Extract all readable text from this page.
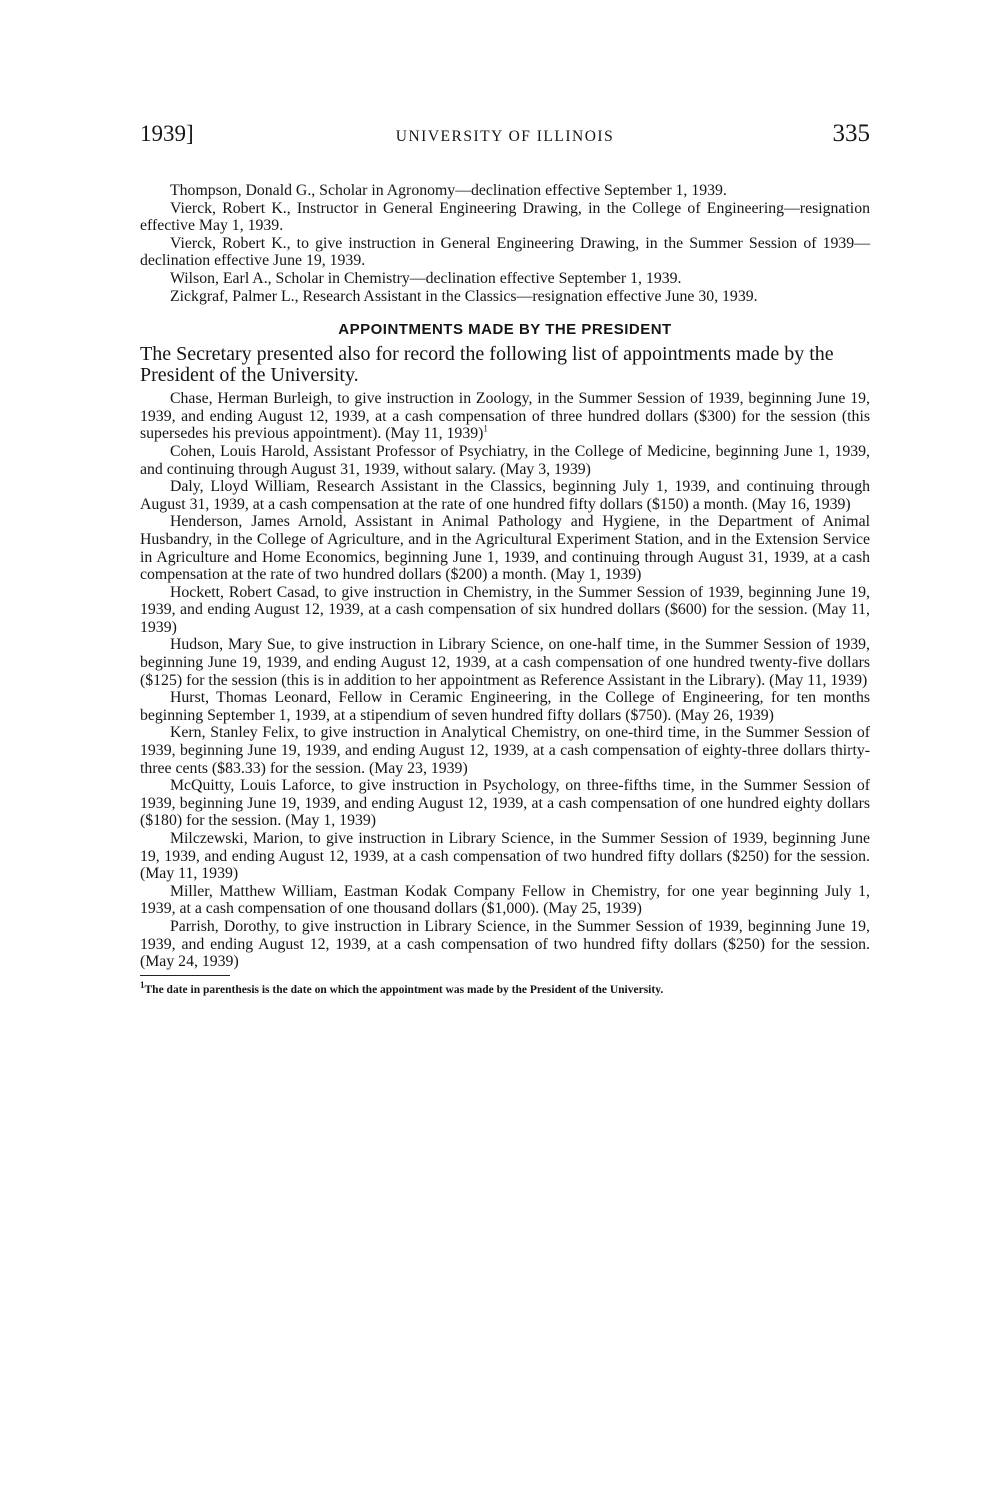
1939]	UNIVERSITY OF ILLINOIS	335

Thompson, Donald G., Scholar in Agronomy—declination effective September 1, 1939.

Vierck, Robert K., Instructor in General Engineering Drawing, in the College of Engineering—resignation effective May 1, 1939.

Vierck, Robert K., to give instruction in General Engineering Drawing, in the Summer Session of 1939—declination effective June 19, 1939.

Wilson, Earl A., Scholar in Chemistry—declination effective September 1, 1939.

Zickgraf, Palmer L., Research Assistant in the Classics—resignation effective June 30, 1939.

APPOINTMENTS MADE BY THE PRESIDENT

The Secretary presented also for record the following list of appointments made by the President of the University.

Chase, Herman Burleigh, to give instruction in Zoology, in the Summer Session of 1939, beginning June 19, 1939, and ending August 12, 1939, at a cash compensation of three hundred dollars ($300) for the session (this supersedes his previous appointment). (May 11, 1939)$^1$

Cohen, Louis Harold, Assistant Professor of Psychiatry, in the College of Medicine, beginning June 1, 1939, and continuing through August 31, 1939, without salary. (May 3, 1939)

Daly, Lloyd William, Research Assistant in the Classics, beginning July 1, 1939, and continuing through August 31, 1939, at a cash compensation at the rate of one hundred fifty dollars ($150) a month. (May 16, 1939)

Henderson, James Arnold, Assistant in Animal Pathology and Hygiene, in the Department of Animal Husbandry, in the College of Agriculture, and in the Agricultural Experiment Station, and in the Extension Service in Agriculture and Home Economics, beginning June 1, 1939, and continuing through August 31, 1939, at a cash compensation at the rate of two hundred dollars ($200) a month. (May 1, 1939)

Hockett, Robert Casad, to give instruction in Chemistry, in the Summer Session of 1939, beginning June 19, 1939, and ending August 12, 1939, at a cash compensation of six hundred dollars ($600) for the session. (May 11, 1939)

Hudson, Mary Sue, to give instruction in Library Science, on one-half time, in the Summer Session of 1939, beginning June 19, 1939, and ending August 12, 1939, at a cash compensation of one hundred twenty-five dollars ($125) for the session (this is in addition to her appointment as Reference Assistant in the Library). (May 11, 1939)

Hurst, Thomas Leonard, Fellow in Ceramic Engineering, in the College of Engineering, for ten months beginning September 1, 1939, at a stipendium of seven hundred fifty dollars ($750). (May 26, 1939)

Kern, Stanley Felix, to give instruction in Analytical Chemistry, on one-third time, in the Summer Session of 1939, beginning June 19, 1939, and ending August 12, 1939, at a cash compensation of eighty-three dollars thirty-three cents ($83.33) for the session. (May 23, 1939)

McQuitty, Louis Laforce, to give instruction in Psychology, on three-fifths time, in the Summer Session of 1939, beginning June 19, 1939, and ending August 12, 1939, at a cash compensation of one hundred eighty dollars ($180) for the session. (May 1, 1939)

Milczewski, Marion, to give instruction in Library Science, in the Summer Session of 1939, beginning June 19, 1939, and ending August 12, 1939, at a cash compensation of two hundred fifty dollars ($250) for the session. (May 11, 1939)

Miller, Matthew William, Eastman Kodak Company Fellow in Chemistry, for one year beginning July 1, 1939, at a cash compensation of one thousand dollars ($1,000). (May 25, 1939)

Parrish, Dorothy, to give instruction in Library Science, in the Summer Session of 1939, beginning June 19, 1939, and ending August 12, 1939, at a cash compensation of two hundred fifty dollars ($250) for the session. (May 24, 1939)

$^1$The date in parenthesis is the date on which the appointment was made by the President of the University.
